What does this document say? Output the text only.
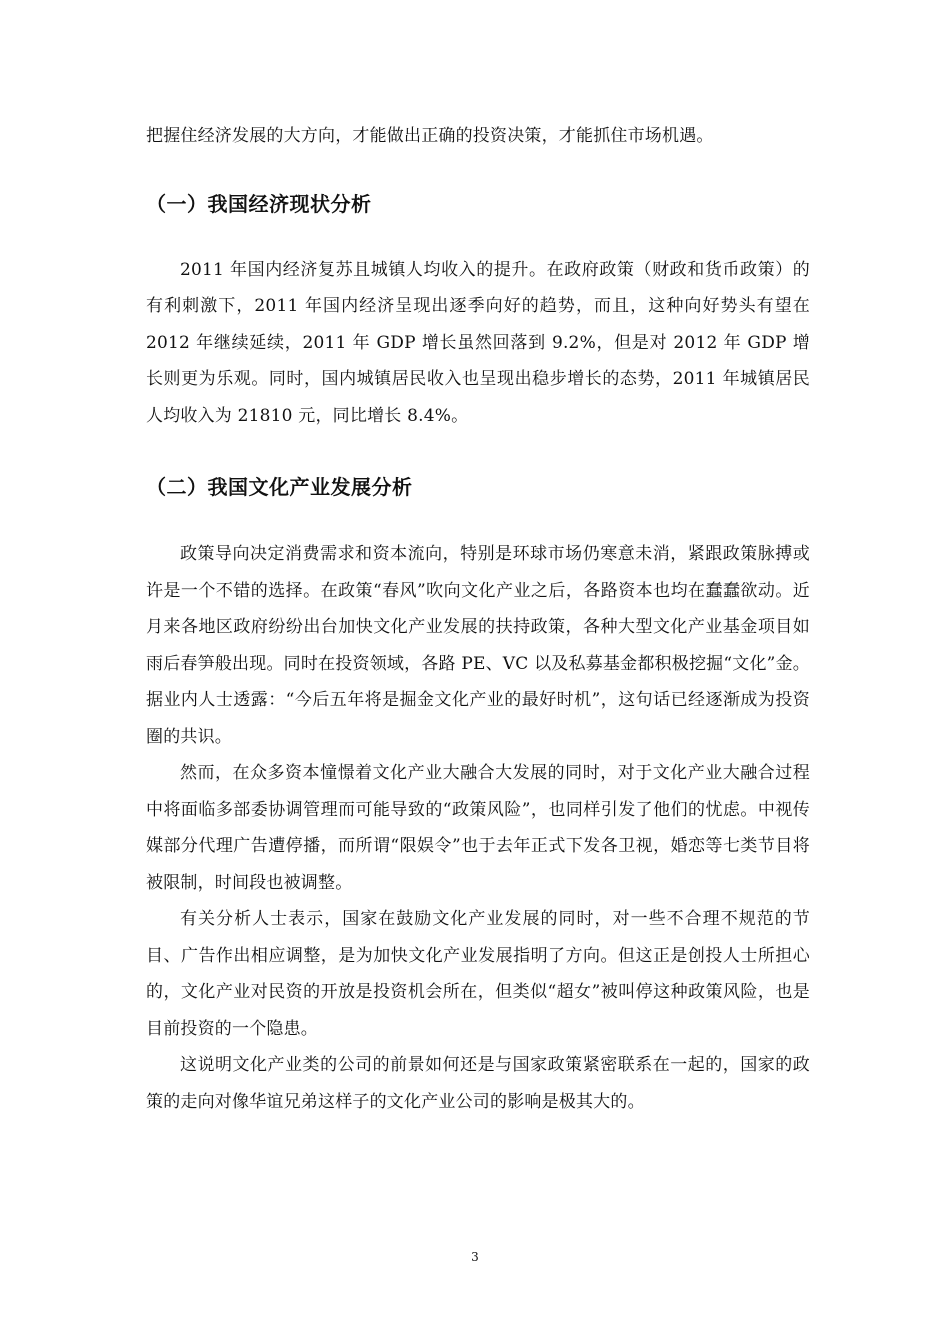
把握住经济发展的大方向，才能做出正确的投资决策，才能抓住市场机遇。

（一）我国经济现状分析

2011 年国内经济复苏且城镇人均收入的提升。在政府政策（财政和货币政策）的有利刺激下，2011 年国内经济呈现出逐季向好的趋势，而且，这种向好势头有望在 2012 年继续延续，2011 年 GDP 增长虽然回落到 9.2%，但是对 2012 年 GDP 增长则更为乐观。同时，国内城镇居民收入也呈现出稳步增长的态势，2011 年城镇居民人均收入为 21810 元，同比增长 8.4%。

（二）我国文化产业发展分析

政策导向决定消费需求和资本流向，特别是环球市场仍寒意未消，紧跟政策脉搏或许是一个不错的选择。在政策“春风”吹向文化产业之后，各路资本也均在蠢蠢欲动。近月来各地区政府纷纷出台加快文化产业发展的扶持政策，各种大型文化产业基金项目如雨后春笋般出现。同时在投资领域，各路 PE、VC 以及私募基金都积极挖掘“文化”金。据业内人士透露：“今后五年将是掘金文化产业的最好时机”，这句话已经逐渐成为投资圈的共识。

然而，在众多资本憧憬着文化产业大融合大发展的同时，对于文化产业大融合过程中将面临多部委协调管理而可能导致的“政策风险”，也同样引发了他们的忧虑。中视传媒部分代理广告遭停播，而所谓“限娱令”也于去年正式下发各卫视，婚恋等七类节目将被限制，时间段也被调整。

有关分析人士表示，国家在鼓励文化产业发展的同时，对一些不合理不规范的节目、广告作出相应调整，是为加快文化产业发展指明了方向。但这正是创投人士所担心的，文化产业对民资的开放是投资机会所在，但类似“超女”被叫停这种政策风险，也是目前投资的一个隐患。

这说明文化产业类的公司的前景如何还是与国家政策紧密联系在一起的，国家的政策的走向对像华谊兄弟这样子的文化产业公司的影响是极其大的。

3
